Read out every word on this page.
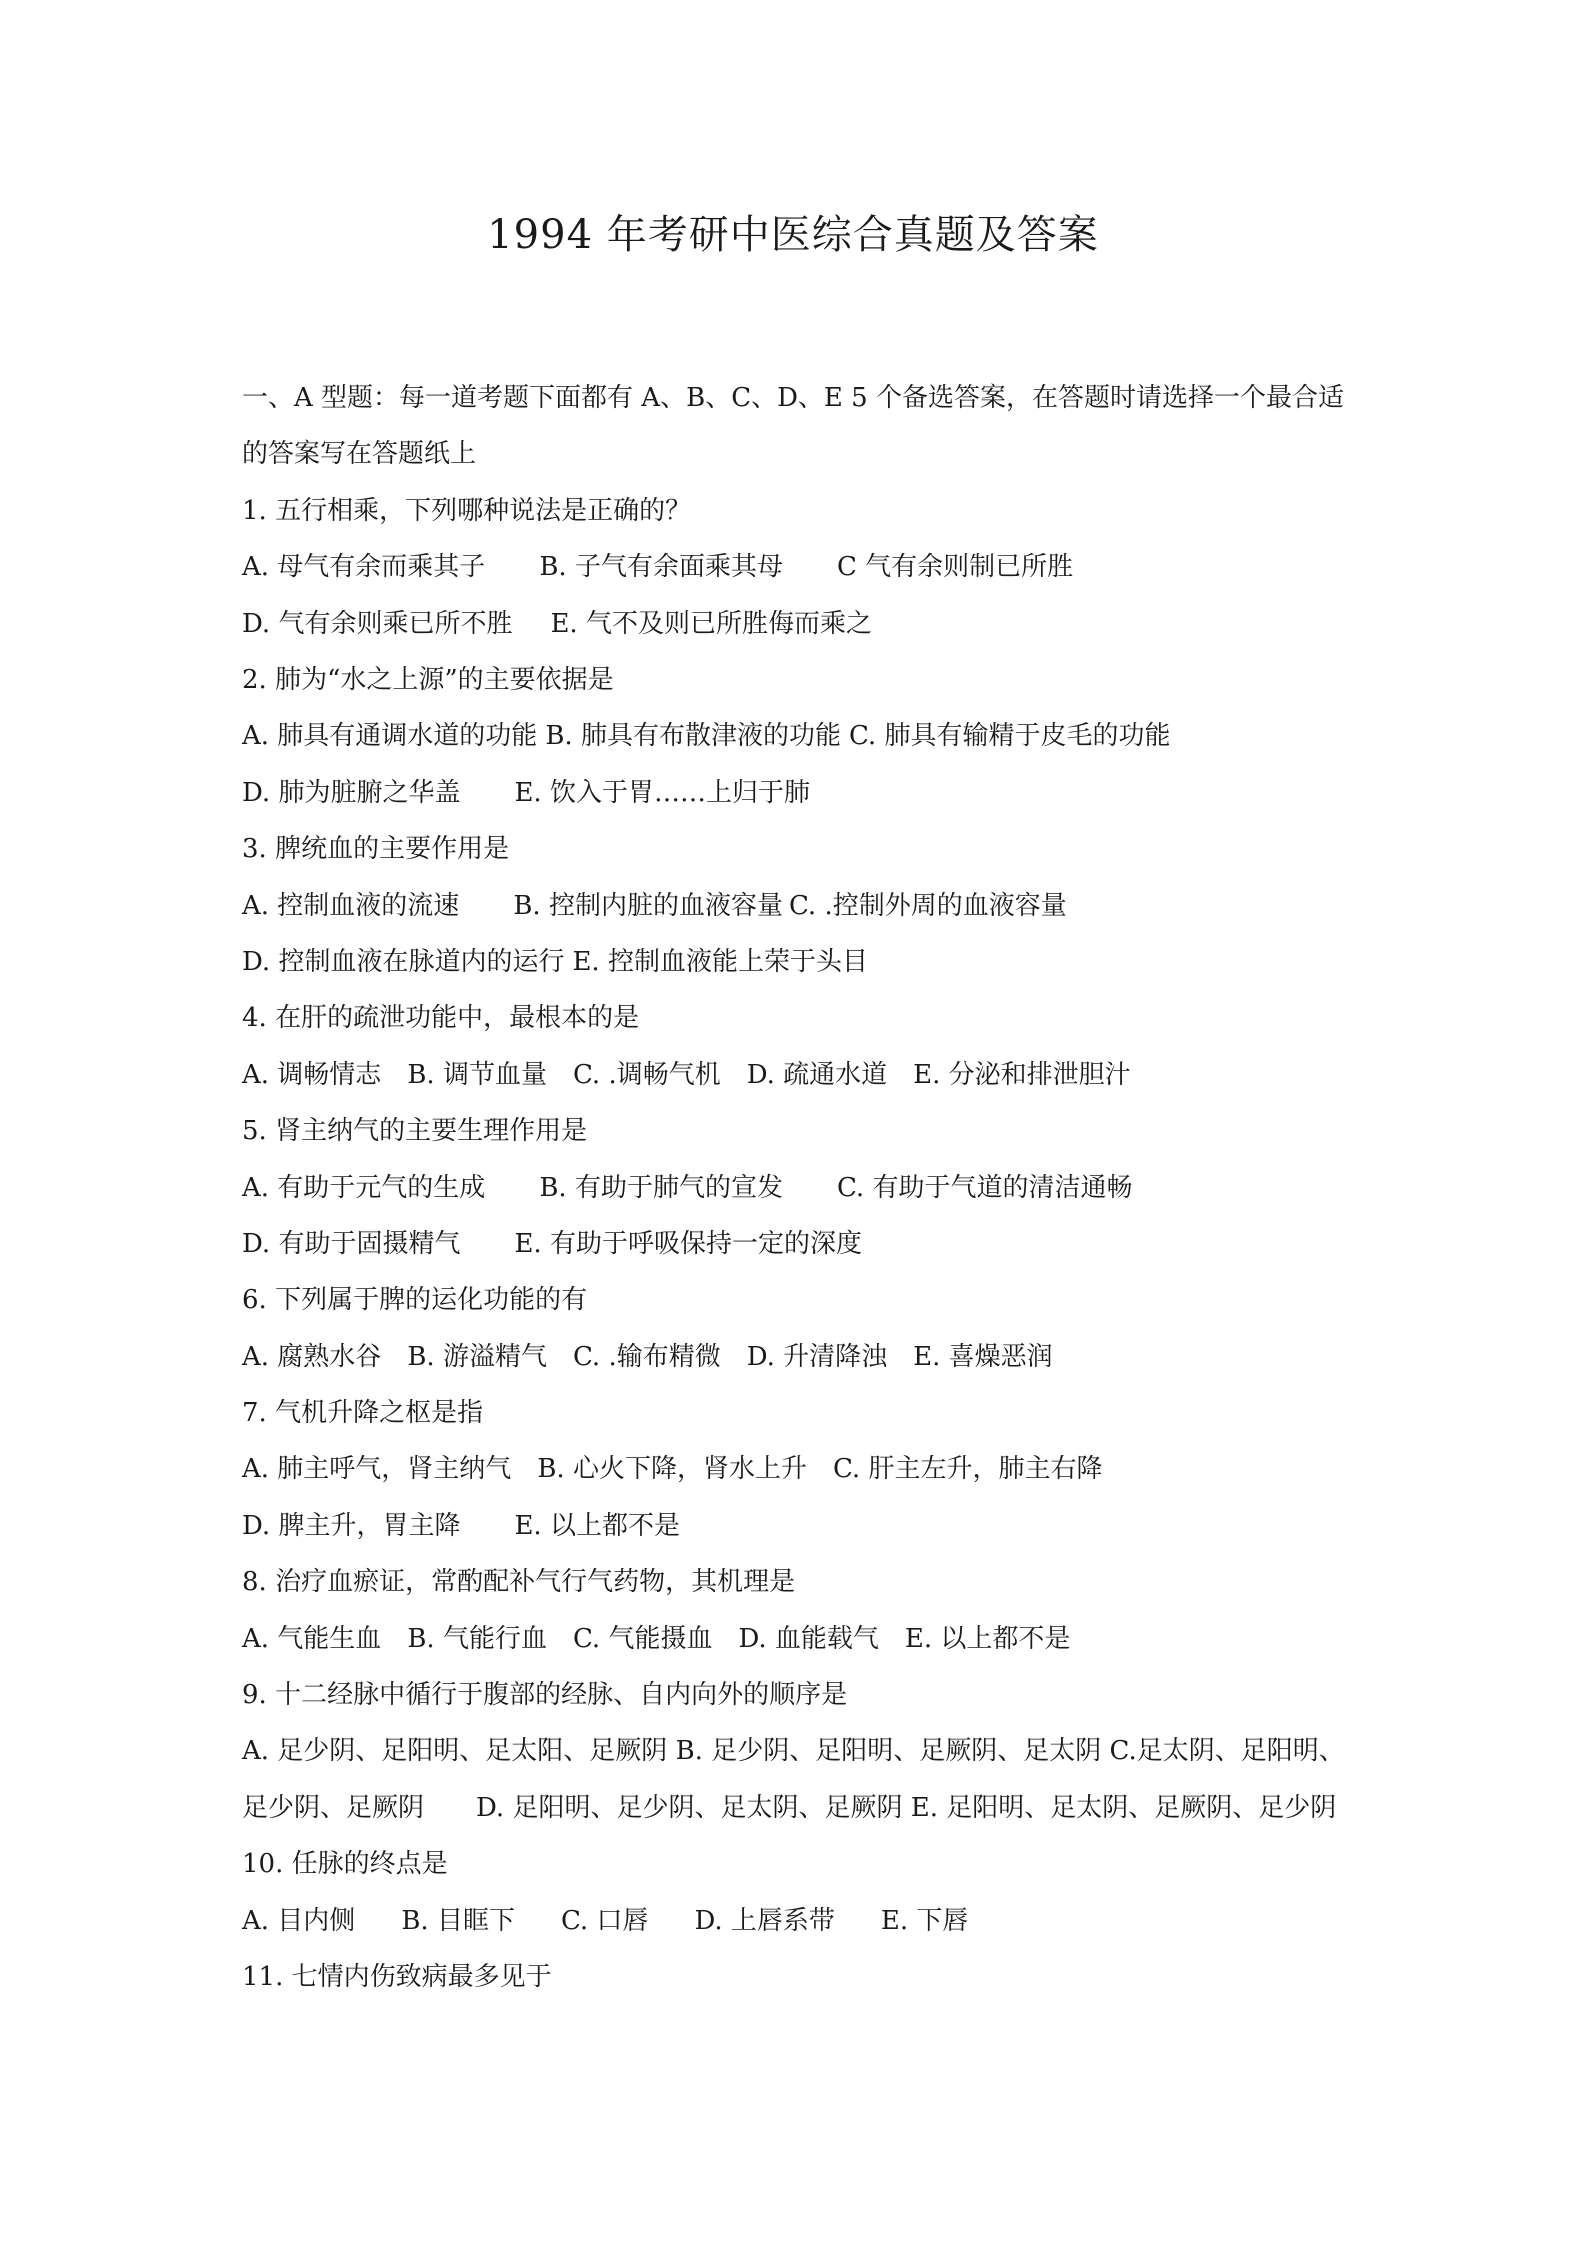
1994 年考研中医综合真题及答案
一、A 型题：每一道考题下面都有 A、B、C、D、E 5 个备选答案，在答题时请选择一个最合适的答案写在答题纸上
1. 五行相乘，下列哪种说法是正确的？
A. 母气有余而乘其子 B. 子气有余面乘其母 C 气有余则制已所胜
D. 气有余则乘已所不胜 E. 气不及则已所胜侮而乘之
2. 肺为“水之上源”的主要依据是
A. 肺具有通调水道的功能 B. 肺具有布散津液的功能 C. 肺具有输精于皮毛的功能
D. 肺为脏腑之华盖 E. 饮入于胃……上归于肺
3. 脾统血的主要作用是
A. 控制血液的流速 B. 控制内脏的血液容量 C. .控制外周的血液容量
D. 控制血液在脉道内的运行 E. 控制血液能上荣于头目
4. 在肝的疏泄功能中，最根本的是
A. 调畅情志 B. 调节血量 C. .调畅气机 D. 疏通水道 E. 分泌和排泄胆汁
5. 肾主纳气的主要生理作用是
A. 有助于元气的生成 B. 有助于肺气的宣发 C. 有助于气道的清洁通畅
D. 有助于固摄精气 E. 有助于呼吸保持一定的深度
6. 下列属于脾的运化功能的有
A. 腐熟水谷 B. 游溢精气 C. .输布精微 D. 升清降浊 E. 喜燥恶润
7. 气机升降之枢是指
A. 肺主呼气，肾主纳气 B. 心火下降，肾水上升 C. 肝主左升，肺主右降
D. 脾主升，胃主降 E. 以上都不是
8. 治疗血瘀证，常酌配补气行气药物，其机理是
A. 气能生血 B. 气能行血 C. 气能摄血 D. 血能载气 E. 以上都不是
9. 十二经脉中循行于腹部的经脉、自内向外的顺序是
A. 足少阴、足阳明、足太阳、足厥阴 B. 足少阴、足阳明、足厥阴、足太阴 C.足太阴、足阳明、足少阴、足厥阴　　D. 足阳明、足少阴、足太阴、足厥阴 E. 足阳明、足太阴、足厥阴、足少阴
10. 任脉的终点是
A. 目内侧 B. 目眶下 C. 口唇 D. 上唇系带 E. 下唇
11. 七情内伤致病最多见于
